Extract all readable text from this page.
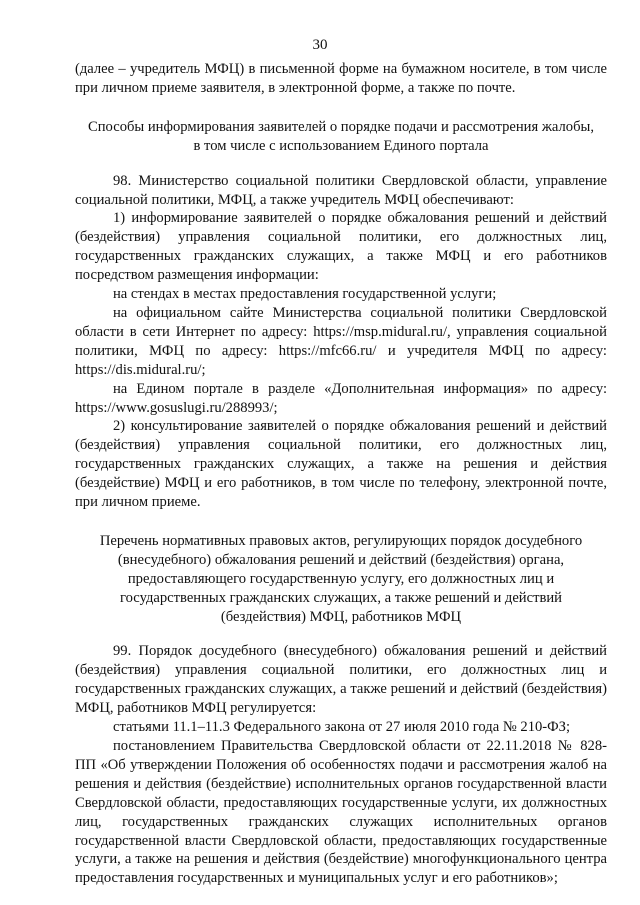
30

(далее – учредитель МФЦ) в письменной форме на бумажном носителе, в том числе при личном приеме заявителя, в электронной форме, а также по почте.

Способы информирования заявителей о порядке подачи и рассмотрения жалобы, в том числе с использованием Единого портала

98. Министерство социальной политики Свердловской области, управление социальной политики, МФЦ, а также учредитель МФЦ обеспечивают:

1) информирование заявителей о порядке обжалования решений и действий (бездействия) управления социальной политики, его должностных лиц, государственных гражданских служащих, а также МФЦ и его работников посредством размещения информации:

на стендах в местах предоставления государственной услуги;

на официальном сайте Министерства социальной политики Свердловской области в сети Интернет по адресу: https://msp.midural.ru/, управления социальной политики, МФЦ по адресу: https://mfc66.ru/ и учредителя МФЦ по адресу: https://dis.midural.ru/;

на Едином портале в разделе «Дополнительная информация» по адресу: https://www.gosuslugi.ru/288993/;

2) консультирование заявителей о порядке обжалования решений и действий (бездействия) управления социальной политики, его должностных лиц, государственных гражданских служащих, а также на решения и действия (бездействие) МФЦ и его работников, в том числе по телефону, электронной почте, при личном приеме.

Перечень нормативных правовых актов, регулирующих порядок досудебного (внесудебного) обжалования решений и действий (бездействия) органа, предоставляющего государственную услугу, его должностных лиц и государственных гражданских служащих, а также решений и действий (бездействия) МФЦ, работников МФЦ

99. Порядок досудебного (внесудебного) обжалования решений и действий (бездействия) управления социальной политики, его должностных лиц и государственных гражданских служащих, а также решений и действий (бездействия) МФЦ, работников МФЦ регулируется:

статьями 11.1–11.3 Федерального закона от 27 июля 2010 года № 210-ФЗ;

постановлением Правительства Свердловской области от 22.11.2018 № 828-ПП «Об утверждении Положения об особенностях подачи и рассмотрения жалоб на решения и действия (бездействие) исполнительных органов государственной власти Свердловской области, предоставляющих государственные услуги, их должностных лиц, государственных гражданских служащих исполнительных органов государственной власти Свердловской области, предоставляющих государственные услуги, а также на решения и действия (бездействие) многофункционального центра предоставления государственных и муниципальных услуг и его работников»;
